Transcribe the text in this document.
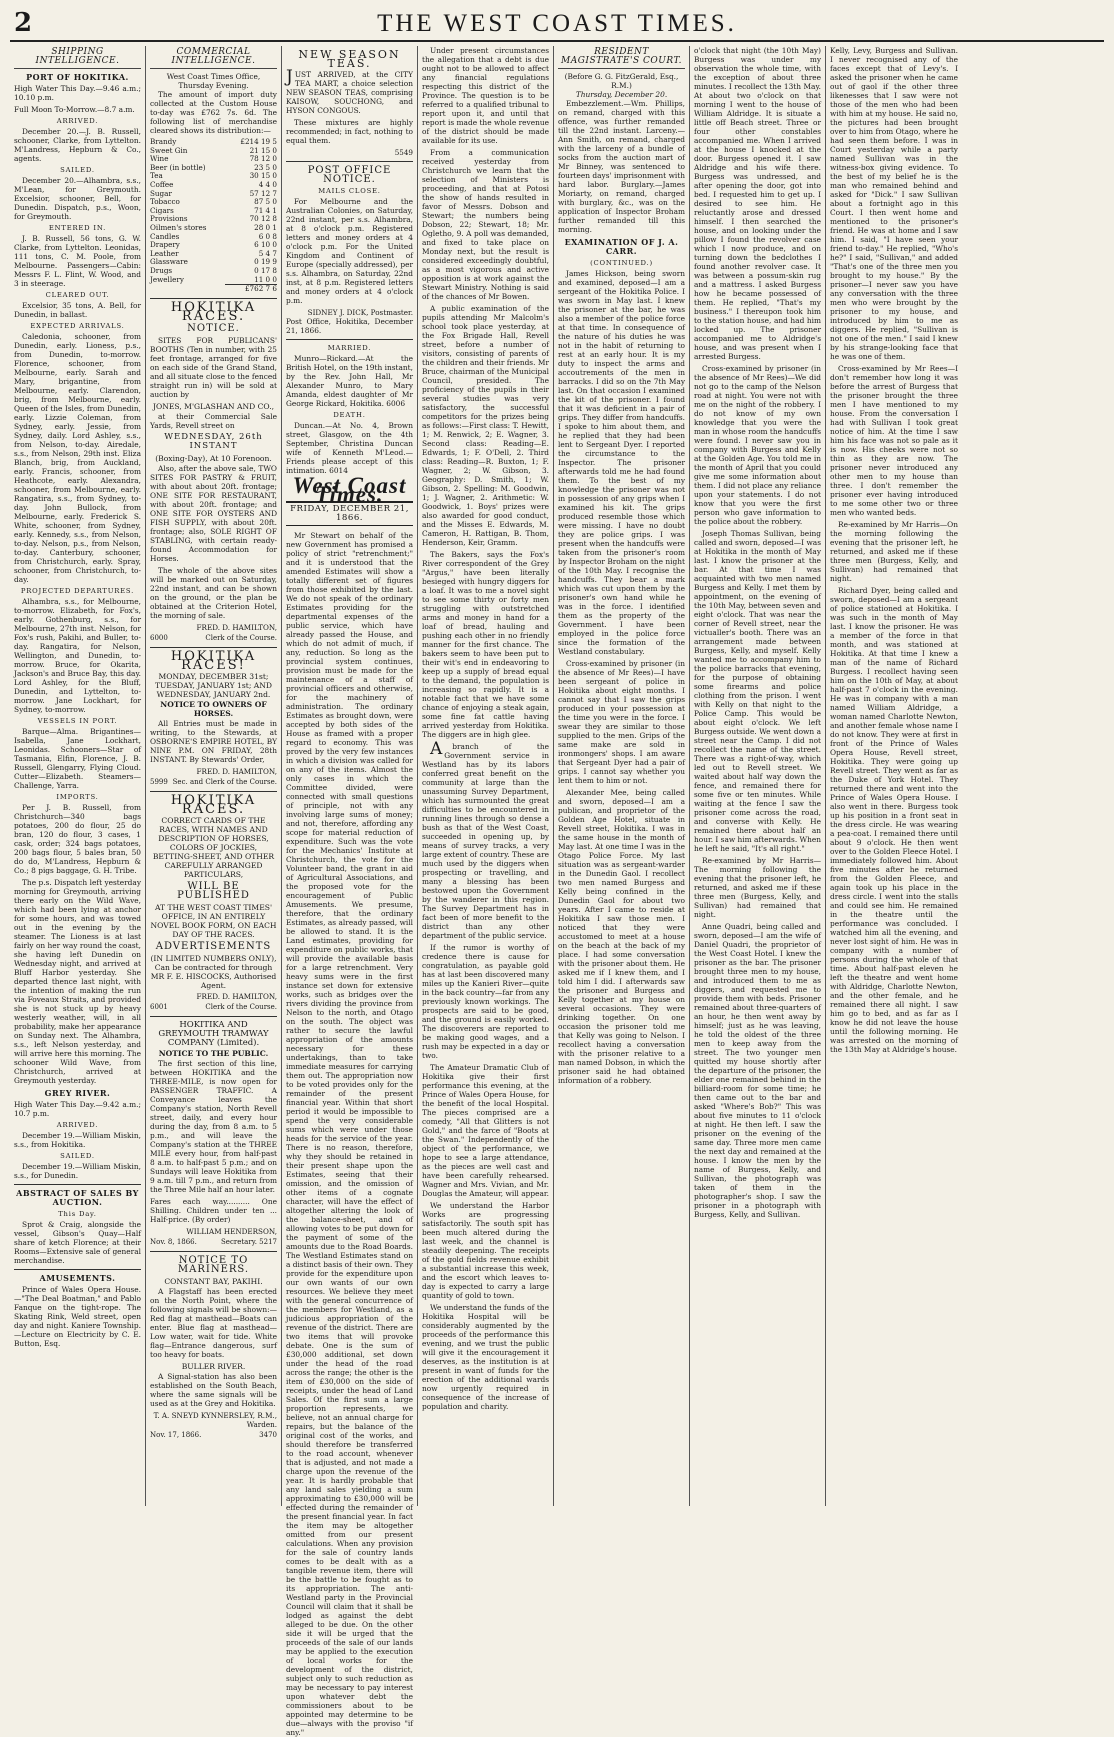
2	THE WEST COAST TIMES.
SHIPPING INTELLIGENCE.
PORT OF HOKITIKA.

High Water This Day.—9.46 a.m.; 10.10 p.m.

Full Moon To-Morrow.—8.7 a.m.

ARRIVED.

December 20.—J. B. Russell, schooner, Clarke, from Lyttelton. M'Landress, Hepburn & Co., agents.

SAILED.

December 20.—Alhambra, s.s., M'Lean, for Greymouth. Excelsior, schooner, Bell, for Dunedin. Dispatch, p.s., Woon, for Greymouth.

ENTERED IN.

J. B. Russell, 56 tons, G. W. Clarke, from Lyttelton. Leonidas, 111 tons, C. M. Poole, from Melbourne. Passengers—Cabin: Messrs F. L. Flint, W. Wood, and 3 in steerage.

CLEARED OUT.

Excelsior, 35 tons, A. Bell, for Dunedin, in ballast.

EXPECTED ARRIVALS.

Caledonia, schooner, from Dunedin, early. Lioness, p.s., from Dunedin, to-morrow. Florence, schooner, from Melbourne, early. Sarah and Mary, brigantine, from Melbourne, early. Clarendon, brig, from Melbourne, early. Queen of the Isles, from Dunedin, early. Lizzie Coleman, from Sydney, early. Jessie, from Sydney, daily. Lord Ashley, s.s., from Nelson, to-day. Airedale, s.s., from Nelson, 29th inst. Eliza Blanch, brig, from Auckland, early. Francis, schooner, from Heathcote, early. Alexandra, schooner, from Melbourne, early. Rangatira, s.s., from Sydney, to-day. John Bullock, from Melbourne, early. Frederick S. White, schooner, from Sydney, early. Kennedy, s.s., from Nelson, to-day. Nelson, p.s., from Nelson, to-day. Canterbury, schooner, from Christchurch, early. Spray, schooner, from Christchurch, to-day.

PROJECTED DEPARTURES.

Alhambra, s.s., for Melbourne, to-morrow. Elizabeth, for Fox's, early. Gothenburg, s.s., for Melbourne, 27th inst. Nelson, for Fox's rush, Pakihi, and Buller, to-day. Rangatira, for Nelson, Wellington, and Dunedin, to-morrow. Bruce, for Okarita, Jackson's and Bruce Bay, this day. Lord Ashley, for the Bluff, Dunedin, and Lyttelton, to-morrow. Jane Lockhart, for Sydney, to-morrow.

VESSELS IN PORT.

Barque—Alma. Brigantines—Isabella, Jane Lockhart, Leonidas. Schooners—Star of Tasmania, Elfin, Florence, J. B. Russell, Glengarry, Flying Cloud. Cutter—Elizabeth. Steamers—Challenge, Yarra.

IMPORTS.

Per J. B. Russell, from Christchurch—340 bags potatoes, 200 do flour, 25 do bran, 120 do flour, 3 cases, 1 cask, order; 324 bags potatoes, 200 bags flour, 5 bales bran, 50 do do, M'Landress, Hepburn & Co.; 8 pigs baggage, G. H. Tribe.

The p.s. Dispatch left yesterday morning for Greymouth, arriving there early on the Wild Wave, which had been lying at anchor for some hours, and was towed out in the evening by the steamer. The Lioness is at last fairly on her way round the coast, she having left Dunedin on Wednesday night, and arrived at Bluff Harbor yesterday. She departed thence last night, with the intention of making the run via Foveaux Straits, and provided she is not stuck up by heavy westerly weather, will, in all probability, make her appearance on Sunday next. The Alhambra, s.s., left Nelson yesterday, and will arrive here this morning. The schooner Wild Wave, from Christchurch, arrived at Greymouth yesterday.

GREY RIVER.

High Water This Day.—9.42 a.m.; 10.7 p.m.

ARRIVED.

December 19.—William Miskin, s.s., from Hokitika.

SAILED.

December 19.—William Miskin, s.s., for Dunedin.

ABSTRACT OF SALES BY AUCTION.
This Day.

Sprot & Craig, alongside the vessel, Gibson's Quay—Half share of ketch Florence; at their Rooms—Extensive sale of general merchandise.

AMUSEMENTS.

Prince of Wales Opera House.—"The Deal Boatman," and Pablo Fanque on the tight-rope. The Skating Rink, Weld street, open day and night. Kaniere Township.—Lecture on Electricity by C. E. Button, Esq.

COMMERCIAL INTELLIGENCE.
West Coast Times Office,
Thursday Evening.

The amount of import duty collected at the Custom House to-day was £762 7s. 6d. The following list of merchandise cleared shows its distribution:—

Brandy	£214 19 5
Sweet Gin	21 15 0
Wine	78 12 0
Beer (in bottle)	23 5 0
Tea	30 15 0
Coffee	4 4 0
Sugar	57 12 7
Tobacco	87 5 0
Cigars	71 4 1
Provisions	70 12 8
Oilmen's stores	28 0 1
Candles	6 0 8
Drapery	6 10 0
Leather	5 4 7
Glassware	0 19 9
Drugs	0 17 8
Jewellery	11 0 0
	£762 7 6
HOKITIKA RACES.
NOTICE.

SITES FOR PUBLICANS' BOOTHS (Ten in number, with 25 feet frontage, arranged for five on each side of the Grand Stand, and all situate close to the fenced straight run in) will be sold at auction by

JONES, M'GLASHAN AND CO.,

at their Commercial Sale Yards, Revell street on

WEDNESDAY, 26th INSTANT
(Boxing-Day), At 10 Forenoon.

Also, after the above sale, TWO SITES FOR PASTRY & FRUIT, with about about 20ft. frontage; ONE SITE FOR RESTAURANT, with about 20ft. frontage; and ONE SITE FOR OYSTERS AND FISH SUPPLY, with about 20ft. frontage; also, SOLE RIGHT OF STABLING, with certain ready-found Accommodation for Horses.

The whole of the above sites will be marked out on Saturday, 22nd instant, and can be shown on the ground, or the plan be obtained at the Criterion Hotel, the morning of sale.

FRED. D. HAMILTON,
6000	Clerk of the Course.
HOKITIKA RACES!
MONDAY, DECEMBER 31st; TUESDAY, JANUARY 1st; AND WEDNESDAY, JANUARY 2nd.
NOTICE TO OWNERS OF HORSES.

All Entries must be made in writing, to the Stewards, at OSBORNE'S EMPIRE HOTEL, BY NINE P.M. ON FRIDAY, 28th INSTANT. By Stewards' Order,

FRED. D. HAMILTON,
5999 Sec. and Clerk of the Course.
HOKITIKA RACES.
CORRECT CARDS OF THE RACES, WITH NAMES AND DESCRIPTION OF HORSES, COLORS OF JOCKIES, BETTING-SHEET, AND OTHER CAREFULLY ARRANGED PARTICULARS,
WILL BE PUBLISHED
AT THE WEST COAST TIMES' OFFICE, IN AN ENTIRELY NOVEL BOOK FORM, ON EACH DAY OF THE RACES.
ADVERTISEMENTS
(IN LIMITED NUMBERS ONLY), Can be contracted for through MR F. E. HISCOCKS, Authorised Agent.
FRED. D. HAMILTON,
6001	Clerk of the Course.
HOKITIKA AND GREYMOUTH TRAMWAY COMPANY (Limited).
NOTICE TO THE PUBLIC.

The first section of this line, between HOKITIKA and the THREE-MILE, is now open for PASSENGER TRAFFIC. A Conveyance leaves the Company's station, North Revell street, daily, and every hour during the day, from 8 a.m. to 5 p.m., and will leave the Company's station at the THREE MILE every hour, from half-past 8 a.m. to half-past 5 p.m.; and on Sundays will leave Hokitika from 9 a.m. till 7 p.m., and return from the Three Mile half an hour later.

Fares each way.......... One Shilling. Children under ten ... Half-price. (By order)

WILLIAM HENDERSON,
Nov. 8, 1866.	Secretary. 5217
NOTICE TO MARINERS.
CONSTANT BAY, PAKIHI.

A Flagstaff has been erected on the North Point, where the following signals will be shown:— Red flag at masthead—Boats can enter. Blue flag at masthead—Low water, wait for tide. White flag—Entrance dangerous, surf too heavy for boats.

BULLER RIVER.

A Signal-station has also been established on the South Beach, where the same signals will be used as at the Grey and Hokitika.

T. A. SNEYD KYNNERSLEY, R.M., Warden.
Nov. 17, 1866.	3470
NEW SEASON TEAS.

JUST ARRIVED, at the CITY TEA MART, a choice selection NEW SEASON TEAS, comprising KAISOW, SOUCHONG, and HYSON CONGOUS.

These mixtures are highly recommended; in fact, nothing to equal them.

5549
POST OFFICE NOTICE.
MAILS CLOSE.

For Melbourne and the Australian Colonies, on Saturday, 22nd instant, per s.s. Alhambra, at 8 o'clock p.m. Registered letters and money orders at 4 o'clock p.m. For the United Kingdom and Continent of Europe (specially addressed), per s.s. Alhambra, on Saturday, 22nd inst, at 8 p.m. Registered letters and money orders at 4 o'clock p.m.

SIDNEY J. DICK, Postmaster.

Post Office, Hokitika, December 21, 1866.

MARRIED.

Munro—Rickard.—At the British Hotel, on the 19th instant, by the Rev. John Hall, Mr Alexander Munro, to Mary Amanda, eldest daughter of Mr George Rickard, Hokitika. 6006

DEATH.

Duncan.—At No. 4, Brown street, Glasgow, on the 4th September, Christina Duncan wife of Kenneth M'Leod.—Friends please accept of this intimation. 6014

West Coast Times.
FRIDAY, DECEMBER 21, 1866.

Mr Stewart on behalf of the new Government has promised a policy of strict "retrenchment;" and it is understood that the amended Estimates will show a totally different set of figures from those exhibited by the last. We do not speak of the ordinary Estimates providing for the departmental expenses of the public service, which have already passed the House, and which do not admit of much, if any, reduction. So long as the provincial system continues, provision must be made for the maintenance of a staff of provincial officers and otherwise, for the machinery of administration. The ordinary Estimates as brought down, were accepted by both sides of the House as framed with a proper regard to economy. This was proved by the very few instances in which a division was called for on any of the items. Almost the only cases in which the Committee divided, were connected with small questions of principle, not with any involving large sums of money; and not, therefore, affording any scope for material reduction of expenditure. Such was the vote for the Mechanics' Institute at Christchurch, the vote for the Volunteer band, the grant in aid of Agricultural Associations, and the proposed vote for the encouragement of Public Amusements. We presume, therefore, that the ordinary Estimates, as already passed, will be allowed to stand. It is the Land estimates, providing for expenditure on public works, that will provide the available basis for a large retrenchment. Very heavy sums were in the first instance set down for extensive works, such as bridges over the rivers dividing the province from Nelson to the north, and Otago on the south. The object was rather to secure the lawful appropriation of the amounts necessary for these undertakings, than to take immediate measures for carrying them out. The appropriation now to be voted provides only for the remainder of the present financial year. Within that short period it would be impossible to spend the very considerable sums which were under those heads for the service of the year. There is no reason, therefore, why they should be retained in their present shape upon the Estimates, seeing that their omission, and the omission of other items of a cognate character, will have the effect of altogether altering the look of the balance-sheet, and of allowing votes to be put down for the payment of some of the amounts due to the Road Boards. The Westland Estimates stand on a distinct basis of their own. They provide for the expenditure upon our own wants of our own resources. We believe they meet with the general concurrence of the members for Westland, as a judicious appropriation of the revenue of the district. There are two items that will provoke debate. One is the sum of £30,000 additional, set down under the head of the road across the range; the other is the item of £30,000 on the side of receipts, under the head of Land Sales. Of the first sum a large proportion represents, we believe, not an annual charge for repairs, but the balance of the original cost of the works, and should therefore be transferred to the road account, whenever that is adjusted, and not made a charge upon the revenue of the year. It is hardly probable that any land sales yielding a sum approximating to £30,000 will be effected during the remainder of the present financial year. In fact the item may be altogether omitted from our present calculations. When any provision for the sale of country lands comes to be dealt with as a tangible revenue item, there will be the battle to be fought as to its appropriation. The anti-Westland party in the Provincial Council will claim that it shall be lodged as against the debt alleged to be due. On the other side it will be urged that the proceeds of the sale of our lands may be applied to the execution of local works for the development of the district, subject only to such reduction as may be necessary to pay interest upon whatever debt the commissioners about to be appointed may determine to be due—always with the proviso "if any."

Under present circumstances the allegation that a debt is due ought not to be allowed to affect any financial regulations respecting this district of the Province. The question is to be referred to a qualified tribunal to report upon it, and until that report is made the whole revenue of the district should be made available for its use.

From a communication received yesterday from Christchurch we learn that the selection of Ministers is proceeding, and that at Potosi the show of hands resulted in favor of Messrs. Dobson and Stewart; the numbers being Dobson, 22; Stewart, 18; Mr. Ogletho, 9. A poll was demanded, and fixed to take place on Monday next, but the result is considered exceedingly doubtful, as a most vigorous and active opposition is at work against the Stewart Ministry. Nothing is said of the chances of Mr Bowen.

A public examination of the pupils attending Mr Malcolm's school took place yesterday, at the Fox Brigade Hall, Revell street, before a number of visitors, consisting of parents of the children and their friends. Mr Bruce, chairman of the Municipal Council, presided. The proficiency of the pupils in their several studies was very satisfactory, the successful competitors for the prizes being as follows:—First class: T. Hewitt, 1; M. Renwick, 2; E. Wagner, 3. Second class: Reading—E. Edwards, 1; F. O'Dell, 2. Third class: Reading—R. Buxton, 1; F. Wagner, 2; W. Gibson, 3. Geography: D. Smith, 1; W. Gibson, 2. Spelling: M. Goodwin, 1; J. Wagner, 2. Arithmetic: W. Goodwick, 1. Boys' prizes were also awarded for good conduct, and the Misses E. Edwards, M. Cameron, H. Rattigan, B. Thom, Henderson, Keir, Gramm.

The Bakers, says the Fox's River correspondent of the Grey "Argus," have been literally besieged with hungry diggers for a loaf. It was to me a novel sight to see some thirty or forty men struggling with outstretched arms and money in hand for a loaf of bread, hauling and pushing each other in no friendly manner for the first chance. The bakers seem to have been put to their wit's end in endeavoring to keep up a supply of bread equal to the demand, the population is increasing so rapidly. It is a notable fact that we have some chance of enjoying a steak again, some fine fat cattle having arrived yesterday from Hokitika. The diggers are in high glee.

Abranch of the Government service in Westland has by its labors conferred great benefit on the community at large than the unassuming Survey Department, which has surmounted the great difficulties to be encountered in running lines through so dense a bush as that of the West Coast, succeeded in opening up, by means of survey tracks, a very large extent of country. These are much used by the diggers when prospecting or travelling, and many a blessing has been bestowed upon the Government by the wanderer in this region. The Survey Department has in fact been of more benefit to the district than any other department of the public service.

If the rumor is worthy of credence there is cause for congratulation, as payable gold has at last been discovered many miles up the Kanieri River—quite in the back country—far from any previously known workings. The prospects are said to be good, and the ground is easily worked. The discoverers are reported to be making good wages, and a rush may be expected in a day or two.

The Amateur Dramatic Club of Hokitika give their first performance this evening, at the Prince of Wales Opera House, for the benefit of the local Hospital. The pieces comprised are a comedy, "All that Glitters is not Gold," and the farce of "Boots at the Swan." Independently of the object of the performance, we hope to see a large attendance, as the pieces are well cast and have been carefully rehearsed. Wagner and Mrs. Vivian, and Mr. Douglas the Amateur, will appear.

We understand the Harbor Works are progressing satisfactorily. The south spit has been much altered during the last week, and the channel is steadily deepening. The receipts of the gold fields revenue exhibit a substantial increase this week, and the escort which leaves to-day is expected to carry a large quantity of gold to town.

We understand the funds of the Hokitika Hospital will be considerably augmented by the proceeds of the performance this evening, and we trust the public will give it the encouragement it deserves, as the institution is at present in want of funds for the erection of the additional wards now urgently required in consequence of the increase of population and charity.

RESIDENT MAGISTRATE'S COURT.
(Before G. G. FitzGerald, Esq., R.M.)
Thursday, December 20.

Embezzlement.—Wm. Phillips, on remand, charged with this offence, was further remanded till the 22nd instant. Larceny.—Ann Smith, on remand, charged with the larceny of a bundle of socks from the auction mart of Mr Binney, was sentenced to fourteen days' imprisonment with hard labor. Burglary.—James Moriarty, on remand, charged with burglary, &c., was on the application of Inspector Broham further remanded till this morning.

EXAMINATION OF J. A. CARR.
(CONTINUED.)

James Hickson, being sworn and examined, deposed—I am a sergeant of the Hokitika Police. I was sworn in May last. I knew the prisoner at the bar, he was also a member of the police force at that time. In consequence of the nature of his duties he was not in the habit of returning to rest at an early hour. It is my duty to inspect the arms and accoutrements of the men in barracks. I did so on the 7th May last. On that occasion I examined the kit of the prisoner. I found that it was deficient in a pair of grips. They differ from handcuffs. I spoke to him about them, and he replied that they had been lent to Sergeant Dyer. I reported the circumstance to the Inspector. The prisoner afterwards told me he had found them. To the best of my knowledge the prisoner was not in possession of any grips when I examined his kit. The grips produced resemble those which were missing. I have no doubt they are police grips. I was present when the handcuffs were taken from the prisoner's room by Inspector Broham on the night of the 10th May. I recognise the handcuffs. They bear a mark which was cut upon them by the prisoner's own hand while he was in the force. I identified them as the property of the Government. I have been employed in the police force since the formation of the Westland constabulary.

Cross-examined by prisoner (in the absence of Mr Rees)—I have been sergeant of police in Hokitika about eight months. I cannot say that I saw the grips produced in your possession at the time you were in the force. I swear they are similar to those supplied to the men. Grips of the same make are sold in ironmongers' shops. I am aware that Sergeant Dyer had a pair of grips. I cannot say whether you lent them to him or not.

Alexander Mee, being called and sworn, deposed—I am a publican, and proprietor of the Golden Age Hotel, situate in Revell street, Hokitika. I was in the same house in the month of May last. At one time I was in the Otago Police Force. My last situation was as sergeant-warder in the Dunedin Gaol. I recollect two men named Burgess and Kelly being confined in the Dunedin Gaol for about two years. After I came to reside at Hokitika I saw those men. I noticed that they were accustomed to meet at a house on the beach at the back of my place. I had some conversation with the prisoner about them. He asked me if I knew them, and I told him I did. I afterwards saw the prisoner and Burgess and Kelly together at my house on several occasions. They were drinking together. On one occasion the prisoner told me that Kelly was going to Nelson. I recollect having a conversation with the prisoner relative to a man named Dobson, in which the prisoner said he had obtained information of a robbery.

o'clock that night (the 10th May) Burgess was under my observation the whole time, with the exception of about three minutes. I recollect the 13th May. At about two o'clock on that morning I went to the house of William Aldridge. It is situate a little off Beach street. Three or four other constables accompanied me. When I arrived at the house I knocked at the door. Burgess opened it. I saw Aldridge and his wife there. Burgess was undressed, and after opening the door, got into bed. I requested him to get up. I desired to see him. He reluctantly arose and dressed himself. I then searched the house, and on looking under the pillow I found the revolver case which I now produce, and on turning down the bedclothes I found another revolver case. It was between a possum-skin rug and a mattress. I asked Burgess how he became possessed of them. He replied, "That's my business." I thereupon took him to the station house, and had him locked up. The prisoner accompanied me to Aldridge's house, and was present when I arrested Burgess.

Cross-examined by prisoner (in the absence of Mr Rees)—We did not go to the camp of the Nelson road at night. You were not with me on the night of the robbery. I do not know of my own knowledge that you were the man in whose room the handcuffs were found. I never saw you in company with Burgess and Kelly at the Golden Age. You told me in the month of April that you could give me some information about them. I did not place any reliance upon your statements. I do not know that you were the first person who gave information to the police about the robbery.

Joseph Thomas Sullivan, being called and sworn, deposed—I was at Hokitika in the month of May last. I know the prisoner at the bar. At that time I was acquainted with two men named Burgess and Kelly. I met them by appointment, on the evening of the 10th May, between seven and eight o'clock. That was near the corner of Revell street, near the victualler's booth. There was an arrangement made between Burgess, Kelly, and myself. Kelly wanted me to accompany him to the police barracks that evening, for the purpose of obtaining some firearms and police clothing from the prison. I went with Kelly on that night to the Police Camp. This would be about eight o'clock. We left Burgess outside. We went down a street near the Camp. I did not recollect the name of the street. There was a right-of-way, which led out to Revell street. We waited about half way down the fence, and remained there for some five or ten minutes. While waiting at the fence I saw the prisoner come across the road, and converse with Kelly. He remained there about half an hour. I saw him afterwards. When he left he said, "It's all right."

Re-examined by Mr Harris—The morning following the evening that the prisoner left, he returned, and asked me if these three men (Burgess, Kelly, and Sullivan) had remained that night.

Anne Quadri, being called and sworn, deposed—I am the wife of Daniel Quadri, the proprietor of the West Coast Hotel. I knew the prisoner as the bar. The prisoner brought three men to my house, and introduced them to me as diggers, and requested me to provide them with beds. Prisoner remained about three-quarters of an hour, he then went away by himself; just as he was leaving, he told the oldest of the three men to keep away from the street. The two younger men quitted my house shortly after the departure of the prisoner, the elder one remained behind in the billiard-room for some time; he then came out to the bar and asked "Where's Bob?" This was about five minutes to 11 o'clock at night. He then left. I saw the prisoner on the evening of the same day. Three more men came the next day and remained at the house. I know the men by the name of Burgess, Kelly, and Sullivan, the photograph was taken of them in the photographer's shop. I saw the prisoner in a photograph with Burgess, Kelly, and Sullivan.

Kelly, Levy, Burgess and Sullivan. I never recognised any of the faces except that of Levy's. I asked the prisoner when he came out of gaol if the other three likenesses that I saw were not those of the men who had been with him at my house. He said no, the pictures had been brought over to him from Otago, where he had seen them before. I was in Court yesterday while a party named Sullivan was in the witness-box giving evidence. To the best of my belief he is the man who remained behind and asked for "Dick." I saw Sullivan about a fortnight ago in this Court. I then went home and mentioned to the prisoner's friend. He was at home and I saw him. I said, "I have seen your friend to-day." He replied, "Who's he?" I said, "Sullivan," and added "That's one of the three men you brought to my house." By the prisoner—I never saw you have any conversation with the three men who were brought by the prisoner to my house, and introduced by him to me as diggers. He replied, "Sullivan is not one of the men." I said I knew by his strange-looking face that he was one of them.

Cross-examined by Mr Rees—I don't remember how long it was before the arrest of Burgess that the prisoner brought the three men I have mentioned to my house. From the conversation I had with Sullivan I took great notice of him. At the time I saw him his face was not so pale as it is now. His cheeks were not so thin as they are now. The prisoner never introduced any other men to my house than three. I don't remember the prisoner ever having introduced to me some other two or three men who wanted beds.

Re-examined by Mr Harris—On the morning following the evening that the prisoner left, he returned, and asked me if these three men (Burgess, Kelly, and Sullivan) had remained that night.

Richard Dyer, being called and sworn, deposed—I am a sergeant of police stationed at Hokitika. I was such in the month of May last. I know the prisoner. He was a member of the force in that month, and was stationed at Hokitika. At that time I knew a man of the name of Richard Burgess. I recollect having seen him on the 10th of May, at about half-past 7 o'clock in the evening. He was in company with a man named William Aldridge, a woman named Charlotte Newton, and another female whose name I do not know. They were at first in front of the Prince of Wales Opera House, Revell street, Hokitika. They were going up Revell street. They went as far as the Duke of York Hotel. They returned there and went into the Prince of Wales Opera House. I also went in there. Burgess took up his position in a front seat in the dress circle. He was wearing a pea-coat. I remained there until about 9 o'clock. He then went over to the Golden Fleece Hotel. I immediately followed him. About five minutes after he returned from the Golden Fleece, and again took up his place in the dress circle. I went into the stalls and could see him. He remained in the theatre until the performance was concluded. I watched him all the evening, and never lost sight of him. He was in company with a number of persons during the whole of that time. About half-past eleven he left the theatre and went home with Aldridge, Charlotte Newton, and the other female, and he remained there all night. I saw him go to bed, and as far as I know he did not leave the house until the following morning. He was arrested on the morning of the 13th May at Aldridge's house.
